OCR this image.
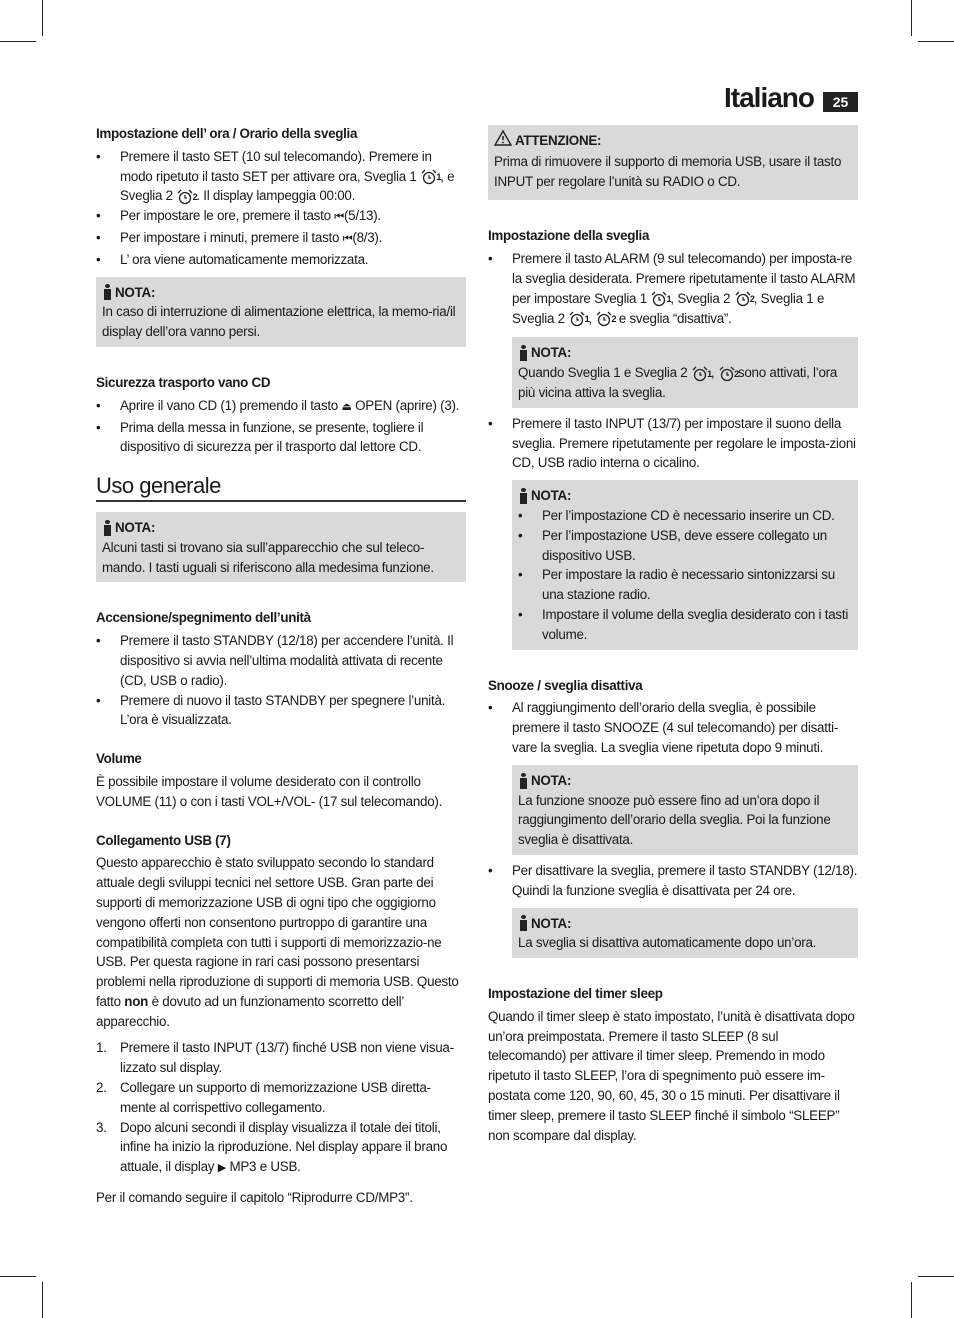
Italiano	25

Impostazione dell’ ora / Orario della sveglia

•	Premere il tasto SET (10 sul telecomando). Premere in modo ripetuto il tasto SET per attivare ora, Sveglia 1 1 , e Sveglia 2 2 . Il display lampeggia 00:00.
•	Per impostare le ore, premere il tasto ⏮(5/13).
•	Per impostare i minuti, premere il tasto ⏮(8/3).
•	L’ ora viene automaticamente memorizzata.
NOTA:

In caso di interruzione di alimentazione elettrica, la memo-ria/il display dell’ora vanno persi.

Sicurezza trasporto vano CD

•	Aprire il vano CD (1) premendo il tasto ⏏ OPEN (aprire) (3).
•	Prima della messa in funzione, se presente, togliere il dispositivo di sicurezza per il trasporto dal lettore CD.
Uso generale
NOTA:

Alcuni tasti si trovano sia sull’apparecchio che sul teleco-mando. I tasti uguali si riferiscono alla medesima funzione.

Accensione/spegnimento dell’unità

•	Premere il tasto STANDBY (12/18) per accendere l’unità. Il dispositivo si avvia nell’ultima modalità attivata di recente (CD, USB o radio).
•	Premere di nuovo il tasto STANDBY per spegnere l’unità. L’ora è visualizzata.

Volume

È possibile impostare il volume desiderato con il controllo VOLUME (11) o con i tasti VOL+/VOL- (17 sul telecomando).

Collegamento USB (7)

Questo apparecchio è stato sviluppato secondo lo standard attuale degli sviluppi tecnici nel settore USB. Gran parte dei supporti di memorizzazione USB di ogni tipo che oggigiorno vengono offerti non consentono purtroppo di garantire una compatibilità completa con tutti i supporti di memorizzazio-ne USB. Per questa ragione in rari casi possono presentarsi problemi nella riproduzione di supporti di memoria USB. Questo fatto non è dovuto ad un funzionamento scorretto dell’ apparecchio.

1. Premere il tasto INPUT (13/7) finché USB non viene visua-lizzato sul display.
2. Collegare un supporto di memorizzazione USB diretta-mente al corrispettivo collegamento.
3. Dopo alcuni secondi il display visualizza il totale dei titoli, infine ha inizio la riproduzione. Nel display appare il brano attuale, il display ▶ MP3 e USB.

Per il comando seguire il capitolo “Riprodurre CD/MP3”.

ATTENZIONE:

Prima di rimuovere il supporto di memoria USB, usare il tasto INPUT per regolare l’unità su RADIO o CD.

Impostazione della sveglia

•	Premere il tasto ALARM (9 sul telecomando) per imposta-re la sveglia desiderata. Premere ripetutamente il tasto ALARM per impostare Sveglia 1 1 , Sveglia 2 2 , Sveglia 1 e Sveglia 2 1 , 2 e sveglia “disattiva”.
NOTA:

Quando Sveglia 1 e Sveglia 2 1 , 2 sono attivati, l’ora più vicina attiva la sveglia.

•	Premere il tasto INPUT (13/7) per impostare il suono della sveglia. Premere ripetutamente per regolare le imposta-zioni CD, USB radio interna o cicalino.
NOTA:
•	Per l’impostazione CD è necessario inserire un CD.
•	Per l’impostazione USB, deve essere collegato un dispositivo USB.
•	Per impostare la radio è necessario sintonizzarsi su una stazione radio.
•	Impostare il volume della sveglia desiderato con i tasti volume.

Snooze / sveglia disattiva

•	Al raggiungimento dell’orario della sveglia, è possibile premere il tasto SNOOZE (4 sul telecomando) per disatti-vare la sveglia. La sveglia viene ripetuta dopo 9 minuti.
NOTA:

La funzione snooze può essere fino ad un’ora dopo il raggiungimento dell’orario della sveglia. Poi la funzione sveglia è disattivata.

•	Per disattivare la sveglia, premere il tasto STANDBY (12/18). Quindi la funzione sveglia è disattivata per 24 ore.
NOTA:

La sveglia si disattiva automaticamente dopo un’ora.

Impostazione del timer sleep

Quando il timer sleep è stato impostato, l’unità è disattivata dopo un’ora preimpostata. Premere il tasto SLEEP (8 sul telecomando) per attivare il timer sleep. Premendo in modo ripetuto il tasto SLEEP, l’ora di spegnimento può essere im-postata come 120, 90, 60, 45, 30 o 15 minuti. Per disattivare il timer sleep, premere il tasto SLEEP finché il simbolo “SLEEP” non scompare dal display.
